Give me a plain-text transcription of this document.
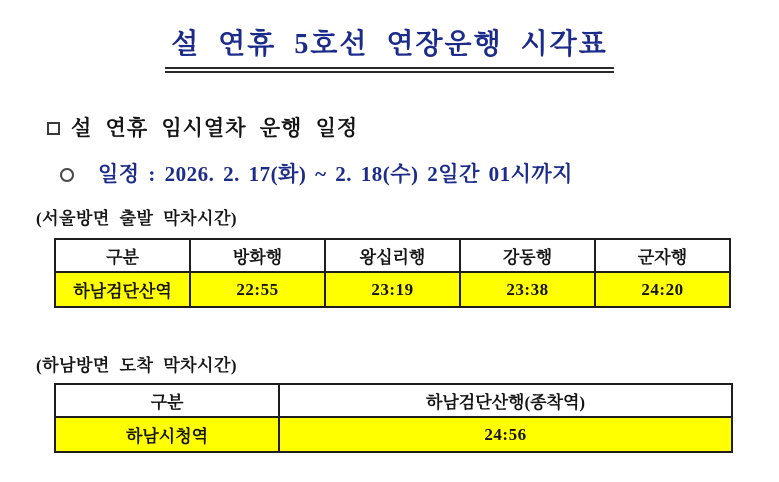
설 연휴 5호선 연장운행 시각표
설 연휴 임시열차 운행 일정
일정 : 2026. 2. 17(화) ~ 2. 18(수) 2일간 01시까지
(서울방면 출발 막차시간)
구분	방화행	왕십리행	강동행	군자행
하남검단산역	22:55	23:19	23:38	24:20
(하남방면 도착 막차시간)
구분	하남검단산행(종착역)
하남시청역	24:56
